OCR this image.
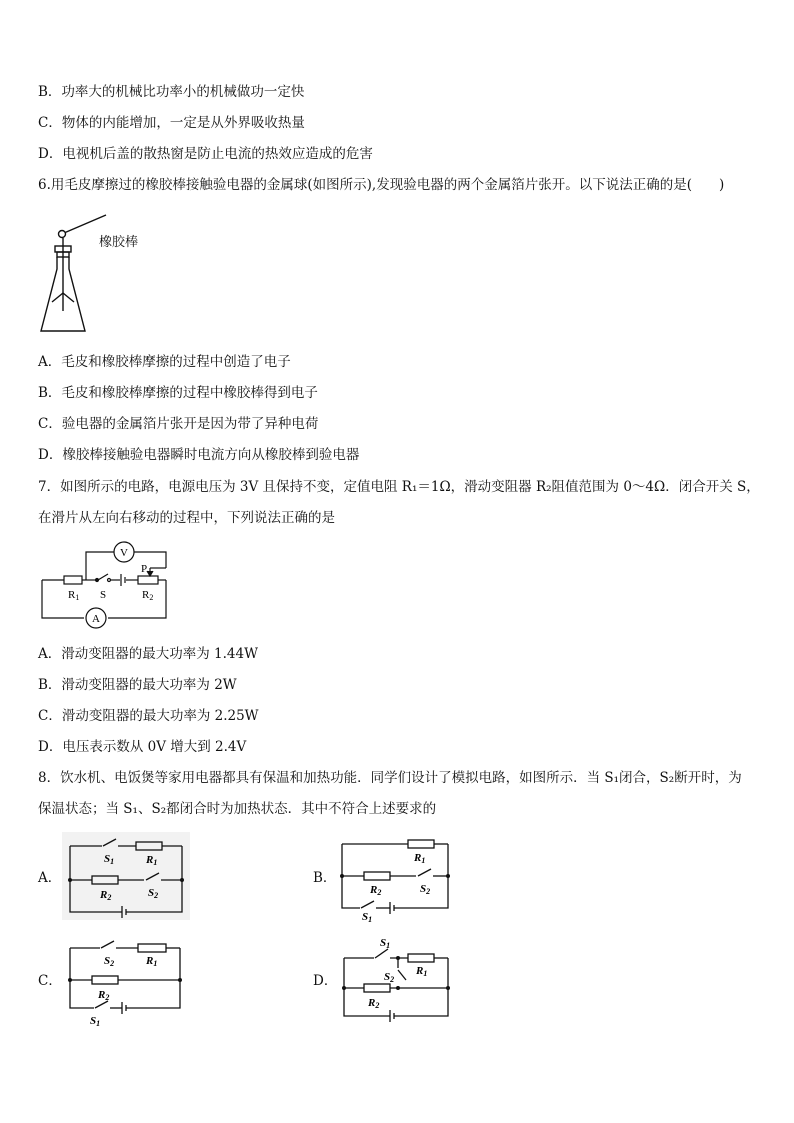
B．功率大的机械比功率小的机械做功一定快
C．物体的内能增加，一定是从外界吸收热量
D．电视机后盖的散热窗是防止电流的热效应造成的危害
6.用毛皮摩擦过的橡胶棒接触验电器的金属球(如图所示),发现验电器的两个金属箔片张开。以下说法正确的是(　　)
橡胶棒
A．毛皮和橡胶棒摩擦的过程中创造了电子
B．毛皮和橡胶棒摩擦的过程中橡胶棒得到电子
C．验电器的金属箔片张开是因为带了异种电荷
D．橡胶棒接触验电器瞬时电流方向从橡胶棒到验电器
7．如图所示的电路，电源电压为 3V 且保持不变，定值电阻 R₁＝1Ω，滑动变阻器 R₂阻值范围为 0～4Ω．闭合开关 S，
在滑片从左向右移动的过程中，下列说法正确的是
V
A
P
R1 S	R2
A．滑动变阻器的最大功率为 1.44W
B．滑动变阻器的最大功率为 2W
C．滑动变阻器的最大功率为 2.25W
D．电压表示数从 0V 增大到 2.4V
8．饮水机、电饭煲等家用电器都具有保温和加热功能．同学们设计了模拟电路，如图所示．当 S₁闭合，S₂断开时，为
保温状态；当 S₁、S₂都闭合时为加热状态．其中不符合上述要求的
A．
S1	R1
R2	S2
B．
R1
R2	S2
S1
C．
S2	R1
R2
S1
D．
S1
R1
S2
R2
